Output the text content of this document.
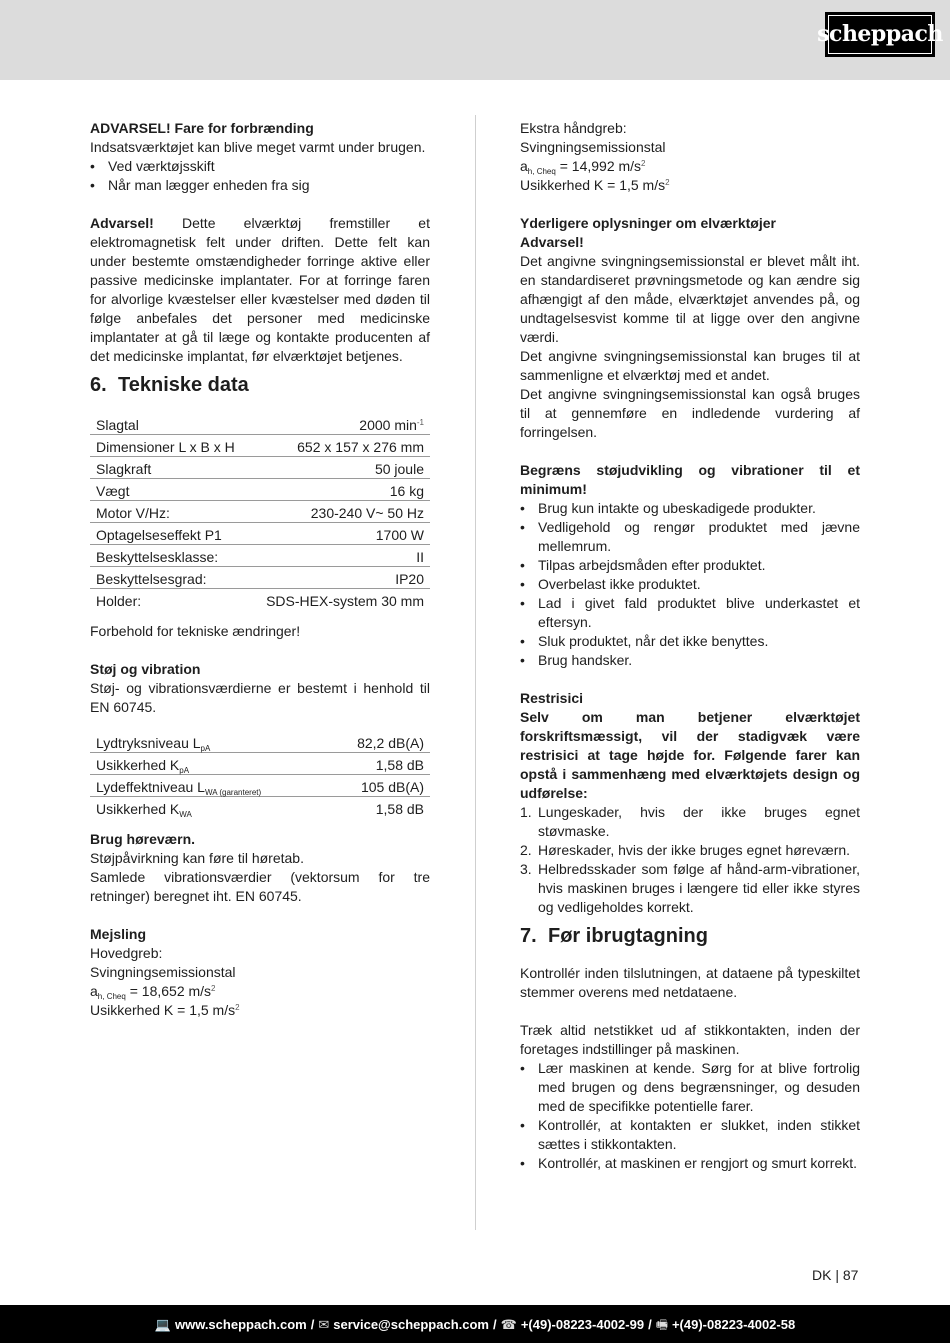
scheppach
ADVARSEL! Fare for forbrænding
Indsatsværktøjet kan blive meget varmt under brugen.
• Ved værktøjsskift
• Når man lægger enheden fra sig
Advarsel! Dette elværktøj fremstiller et elektromagnetisk felt under driften. Dette felt kan under bestemte omstændigheder forringe aktive eller passive medicinske implantater. For at forringe faren for alvorlige kvæstelser eller kvæstelser med døden til følge anbefales det personer med medicinske implantater at gå til læge og kontakte producenten af det medicinske implantat, før elværktøjet betjenes.
6. Tekniske data
Slagtal	2000 $\min^{-1}$
Dimensioner L x B x H	652 x 157 x 276 mm
Slagkraft	50 joule
Vægt	16 kg
Motor V/Hz:	230-240 V~ 50 Hz
Optagelseseffekt P1	1700 W
Beskyttelsesklasse:	II
Beskyttelsesgrad:	IP20
Holder:	SDS-HEX-system 30 mm
Forbehold for tekniske ændringer!
Støj og vibration
Støj- og vibrationsværdierne er bestemt i henhold til EN 60745.
Lydtryksniveau $L_{pA}$	82,2 dB(A)
Usikkerhed $K_{pA}$	1,58 dB
Lydeffektniveau $L_{WA (garanteret)}$	105 dB(A)
Usikkerhed $K_{WA}$	1,58 dB
Brug høreværn.
Støjpåvirkning kan føre til høretab.
Samlede vibrationsværdier (vektorsum for tre retninger) beregnet iht. EN 60745.
Mejsling
Hovedgreb:
Svingningsemissionstal
$a_{h, Cheq} = 18,652$ $m/s^2$
Usikkerhed K = 1,5 $m/s^2$
Ekstra håndgreb:
Svingningsemissionstal
$a_{h, Cheq} = 14,992$ $m/s^2$
Usikkerhed K = 1,5 $m/s^2$
Yderligere oplysninger om elværktøjer
Advarsel!
Det angivne svingningsemissionstal er blevet målt iht. en standardiseret prøvningsmetode og kan ændre sig afhængigt af den måde, elværktøjet anvendes på, og undtagelsesvist komme til at ligge over den angivne værdi.
Det angivne svingningsemissionstal kan bruges til at sammenligne et elværktøj med et andet.
Det angivne svingningsemissionstal kan også bruges til at gennemføre en indledende vurdering af forringelsen.
Begræns støjudvikling og vibrationer til et minimum!
• Brug kun intakte og ubeskadigede produkter.
• Vedligehold og rengør produktet med jævne mellemrum.
• Tilpas arbejdsmåden efter produktet.
• Overbelast ikke produktet.
• Lad i givet fald produktet blive underkastet et eftersyn.
• Sluk produktet, når det ikke benyttes.
• Brug handsker.
Restrisici
Selv om man betjener elværktøjet forskriftsmæssigt, vil der stadigvæk være restrisici at tage højde for. Følgende farer kan opstå i sammenhæng med elværktøjets design og udførelse:
1. Lungeskader, hvis der ikke bruges egnet støvmaske.
2. Høreskader, hvis der ikke bruges egnet høreværn.
3. Helbredsskader som følge af hånd-arm-vibrationer, hvis maskinen bruges i længere tid eller ikke styres og vedligeholdes korrekt.
7. Før ibrugtagning
Kontrollér inden tilslutningen, at dataene på typeskiltet stemmer overens med netdataene.
Træk altid netstikket ud af stikkontakten, inden der foretages indstillinger på maskinen.
• Lær maskinen at kende. Sørg for at blive fortrolig med brugen og dens begrænsninger, og desuden med de specifikke potentielle farer.
• Kontrollér, at kontakten er slukket, inden stikket sættes i stikkontakten.
• Kontrollér, at maskinen er rengjort og smurt korrekt.
DK | 87
💻 www.scheppach.com / ✉ service@scheppach.com / ☎ +(49)-08223-4002-99 / 🖷 +(49)-08223-4002-58
